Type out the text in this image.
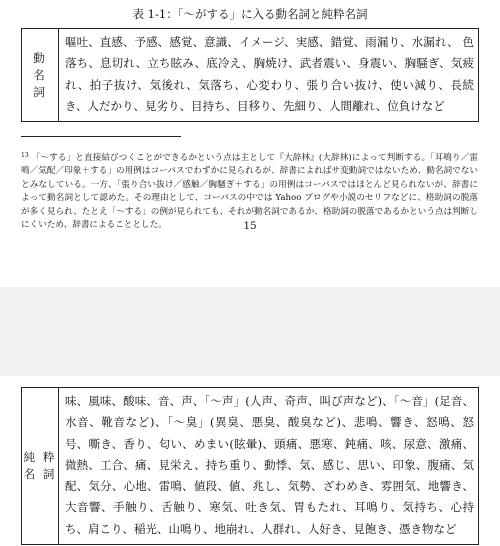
表 1-1：「～がする」に入る動名詞と純粋名詞
動
名
詞
	嘔吐、直感、予感、感覚、意識、イメージ、実感、錯覚、雨漏り、水漏れ、 色落ち、息切れ、立ち眩み、底冷え、胸焼け、武者震い、身震い、胸騒ぎ、気疲れ、拍子抜け、気後れ、気落ち、心変わり、張り合い抜け、使い減り、長続き、人だかり、見劣り、目持ち、目移り、先細り、人間離れ、位負けなど
$^{13}$ 「～する」と直接結びつくことができるかという点は主として『大辞林』(大辞林)によって判断する。「耳鳴り／雷鳴／気配／印象＋する」の用例はコーパスでわずかに見られるが、辞書によればサ変動詞ではないため、動名詞でないとみなしている。一方、「張り合い抜け／感触／胸騒ぎ＋する」の用例はコーパスではほとんど見られないが、辞書によって動名詞として認めた。その理由として、コーパスの中では Yahoo ブログや小説のセリフなどに、格助詞の脱落が多く見られ、たとえ「～する」の例が見られても、それが動名詞であるか、格助詞の脱落であるかという点は判断しにくいため、辞書によることとした。	15
純 粋
名 詞
	味、風味、酸味、音、声、「～声」(人声、奇声、叫び声など)、「～音」(足音、水音、靴音など)、「～臭」(異臭、悪臭、酸臭など)、悲鳴、響き、怒鳴、怒号、嘶き、香り、匂い、めまい(眩暈)、頭痛、悪寒、鈍痛、咳、尿意、激痛、微熱、工合、痛、見栄え、持ち重り、動悸、気、感じ、思い、印象、腹痛、気配、気分、心地、雷鳴、値段、値、兆し、気勢、ざわめき、雰囲気、地響き、大音響、手触り、舌触り、寒気、吐き気、胃もたれ、耳鳴り、気持ち、心持ち、肩こり、稲光、山鳴り、地崩れ、人群れ、人好き、見飽き、憑き物など
